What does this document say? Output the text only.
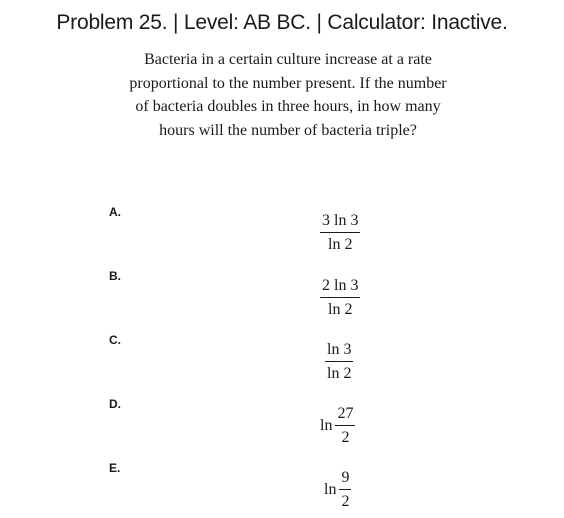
Problem 25. | Level: AB BC. | Calculator: Inactive.
Bacteria in a certain culture increase at a rate
proportional to the number present. If the number
of bacteria doubles in three hours, in how many
hours will the number of bacteria triple?
A.
$\frac{3 \ln 3}{\ln 2}$
B.
$\frac{2 \ln 3}{\ln 2}$
C.
$\frac{\ln 3}{\ln 2}$
D.
$\ln \frac{27}{2}$
E.
$\ln \frac{9}{2}$
